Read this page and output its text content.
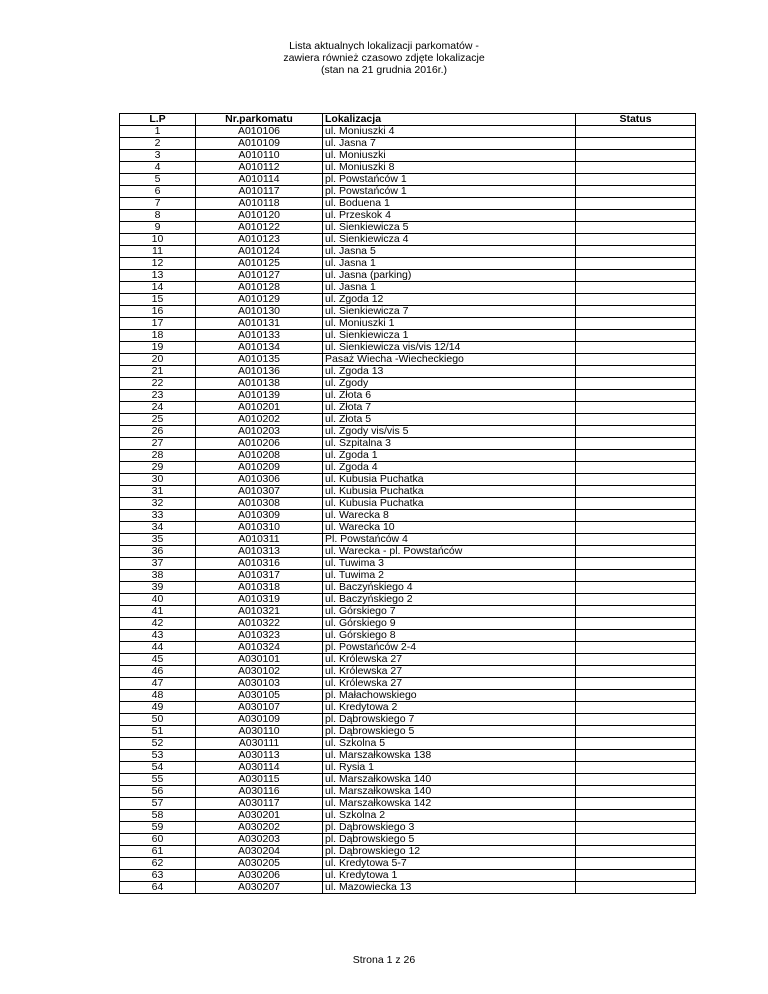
Lista aktualnych lokalizacji parkomatów -
zawiera również czasowo zdjęte lokalizacje
(stan na 21 grudnia 2016r.)
L.P	Nr.parkomatu	Lokalizacja	Status
1	A010106	ul. Moniuszki 4	
2	A010109	ul. Jasna 7	
3	A010110	ul. Moniuszki	
4	A010112	ul. Moniuszki 8	
5	A010114	pl. Powstańców 1	
6	A010117	pl. Powstańców 1	
7	A010118	ul. Boduena 1	
8	A010120	ul. Przeskok 4	
9	A010122	ul. Sienkiewicza 5	
10	A010123	ul. Sienkiewicza 4	
11	A010124	ul. Jasna 5	
12	A010125	ul. Jasna 1	
13	A010127	ul. Jasna (parking)	
14	A010128	ul. Jasna 1	
15	A010129	ul. Zgoda 12	
16	A010130	ul. Sienkiewicza 7	
17	A010131	ul. Moniuszki 1	
18	A010133	ul. Sienkiewicza 1	
19	A010134	ul. Sienkiewicza vis/vis 12/14	
20	A010135	Pasaż Wiecha -Wiecheckiego	
21	A010136	ul. Zgoda 13	
22	A010138	ul. Zgody	
23	A010139	ul. Złota 6	
24	A010201	ul. Złota 7	
25	A010202	ul. Złota 5	
26	A010203	ul. Zgody vis/vis 5	
27	A010206	ul. Szpitalna 3	
28	A010208	ul. Zgoda 1	
29	A010209	ul. Zgoda 4	
30	A010306	ul. Kubusia Puchatka	
31	A010307	ul. Kubusia Puchatka	
32	A010308	ul. Kubusia Puchatka	
33	A010309	ul. Warecka 8	
34	A010310	ul. Warecka 10	
35	A010311	Pl. Powstańców 4	
36	A010313	ul. Warecka - pl. Powstańców	
37	A010316	ul. Tuwima 3	
38	A010317	ul. Tuwima 2	
39	A010318	ul. Baczyńskiego 4	
40	A010319	ul. Baczyńskiego 2	
41	A010321	ul. Górskiego 7	
42	A010322	ul. Górskiego 9	
43	A010323	ul. Górskiego 8	
44	A010324	pl. Powstańców 2-4	
45	A030101	ul. Królewska 27	
46	A030102	ul. Królewska 27	
47	A030103	ul. Królewska 27	
48	A030105	pl. Małachowskiego	
49	A030107	ul. Kredytowa 2	
50	A030109	pl. Dąbrowskiego 7	
51	A030110	pl. Dąbrowskiego 5	
52	A030111	ul. Szkolna 5	
53	A030113	ul. Marszałkowska 138	
54	A030114	ul. Rysia 1	
55	A030115	ul. Marszałkowska 140	
56	A030116	ul. Marszałkowska 140	
57	A030117	ul. Marszałkowska 142	
58	A030201	ul. Szkolna 2	
59	A030202	pl. Dąbrowskiego 3	
60	A030203	pl. Dąbrowskiego 5	
61	A030204	pl. Dąbrowskiego 12	
62	A030205	ul. Kredytowa 5-7	
63	A030206	ul. Kredytowa 1	
64	A030207	ul. Mazowiecka 13	
Strona 1 z 26
